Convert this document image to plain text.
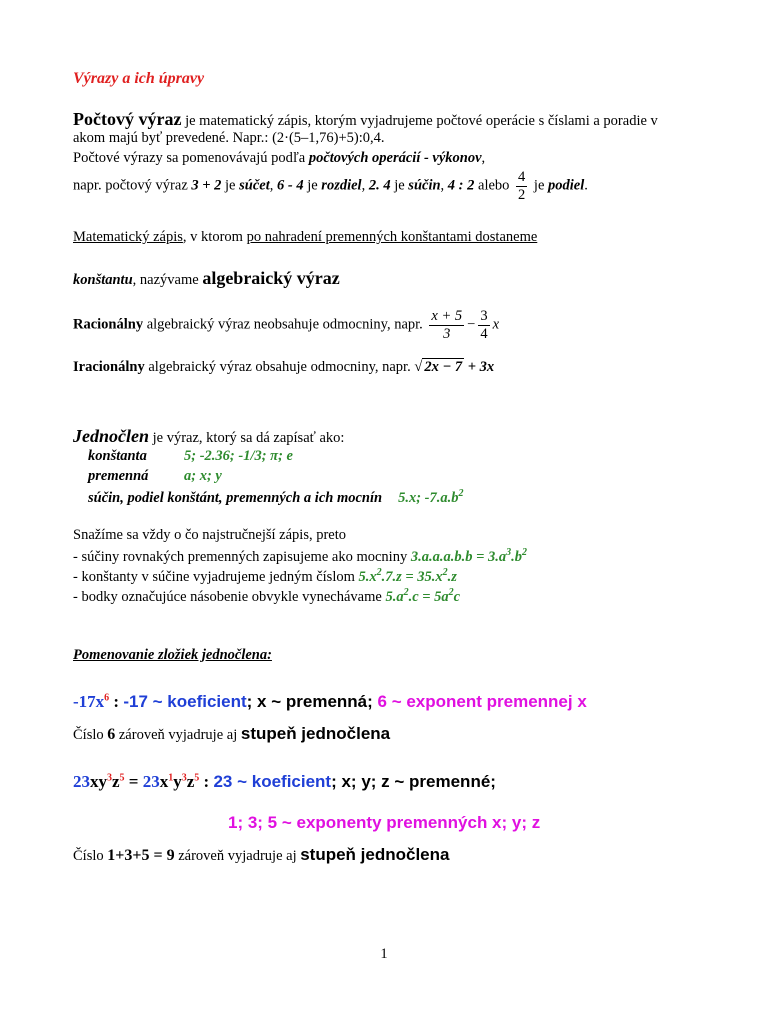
Výrazy a ich úpravy
Počtový výraz je matematický zápis, ktorým vyjadrujeme počtové operácie s číslami a poradie v
akom majú byť prevedené. Napr.: (2·(5–1,76)+5):0,4.
Počtové výrazy sa pomenovávajú podľa počtových operácií - výkonov,
napr. počtový výraz 3 + 2 je súčet, 6 - 4 je rozdiel, 2. 4 je súčin, 4 : 2 alebo $\frac{4}{2}$ je podiel.
Matematický zápis, v ktorom po nahradení premenných konštantami dostaneme
konštantu, nazývame algebraický výraz
Racionálny algebraický výraz neobsahuje odmocniny, napr. $\frac{x + 5}{3} - \frac{3}{4}$ x
Iracionálny algebraický výraz obsahuje odmocniny, napr. √ 2x − 7 + 3x
Jednočlen je výraz, ktorý sa dá zapísať ako:
konštanta	5; -2.36; -1/3; π; e
premenná a; x; y
súčin, podiel konštánt, premenných a ich mocnín 5.x; $-7.a.b^2$
Snažíme sa vždy o čo najstručnejší zápis, preto
- súčiny rovnakých premenných zapisujeme ako mocniny $3.a.a.a.b.b = 3.a^3.b^2$
- konštanty v súčine vyjadrujeme jedným číslom $5.x^2.7.z = 35.x^2.z$
- bodky označujúce násobenie obvykle vynechávame $5.a^2.c = 5a^2c$
Pomenovanie zložiek jednočlena:
$-17x^6$ : -17 ~ koeficient; x ~ premenná; 6 ~ exponent premennej x
Číslo 6 zároveň vyjadruje aj stupeň jednočlena
$23xy^3z^5 = 23x^1y^3z^5$ : 23 ~ koeficient; x; y; z ~ premenné;
1; 3; 5 ~ exponenty premenných x; y; z
Číslo 1+3+5 = 9 zároveň vyjadruje aj stupeň jednočlena
1
